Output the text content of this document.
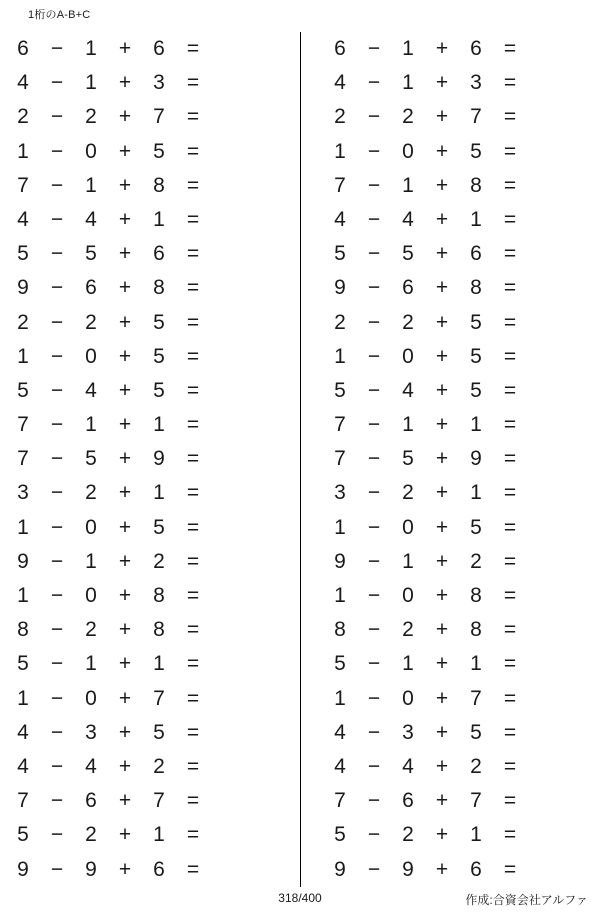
1桁のA-B+C
6	−	1	+	6	=
4	−	1	+	3	=
2	−	2	+	7	=
1	−	0	+	5	=
7	−	1	+	8	=
4	−	4	+	1	=
5	−	5	+	6	=
9	−	6	+	8	=
2	−	2	+	5	=
1	−	0	+	5	=
5	−	4	+	5	=
7	−	1	+	1	=
7	−	5	+	9	=
3	−	2	+	1	=
1	−	0	+	5	=
9	−	1	+	2	=
1	−	0	+	8	=
8	−	2	+	8	=
5	−	1	+	1	=
1	−	0	+	7	=
4	−	3	+	5	=
4	−	4	+	2	=
7	−	6	+	7	=
5	−	2	+	1	=
9	−	9	+	6	=
6	−	1	+	6	=
4	−	1	+	3	=
2	−	2	+	7	=
1	−	0	+	5	=
7	−	1	+	8	=
4	−	4	+	1	=
5	−	5	+	6	=
9	−	6	+	8	=
2	−	2	+	5	=
1	−	0	+	5	=
5	−	4	+	5	=
7	−	1	+	1	=
7	−	5	+	9	=
3	−	2	+	1	=
1	−	0	+	5	=
9	−	1	+	2	=
1	−	0	+	8	=
8	−	2	+	8	=
5	−	1	+	1	=
1	−	0	+	7	=
4	−	3	+	5	=
4	−	4	+	2	=
7	−	6	+	7	=
5	−	2	+	1	=
9	−	9	+	6	=
318/400	作成:合資会社アルファ
